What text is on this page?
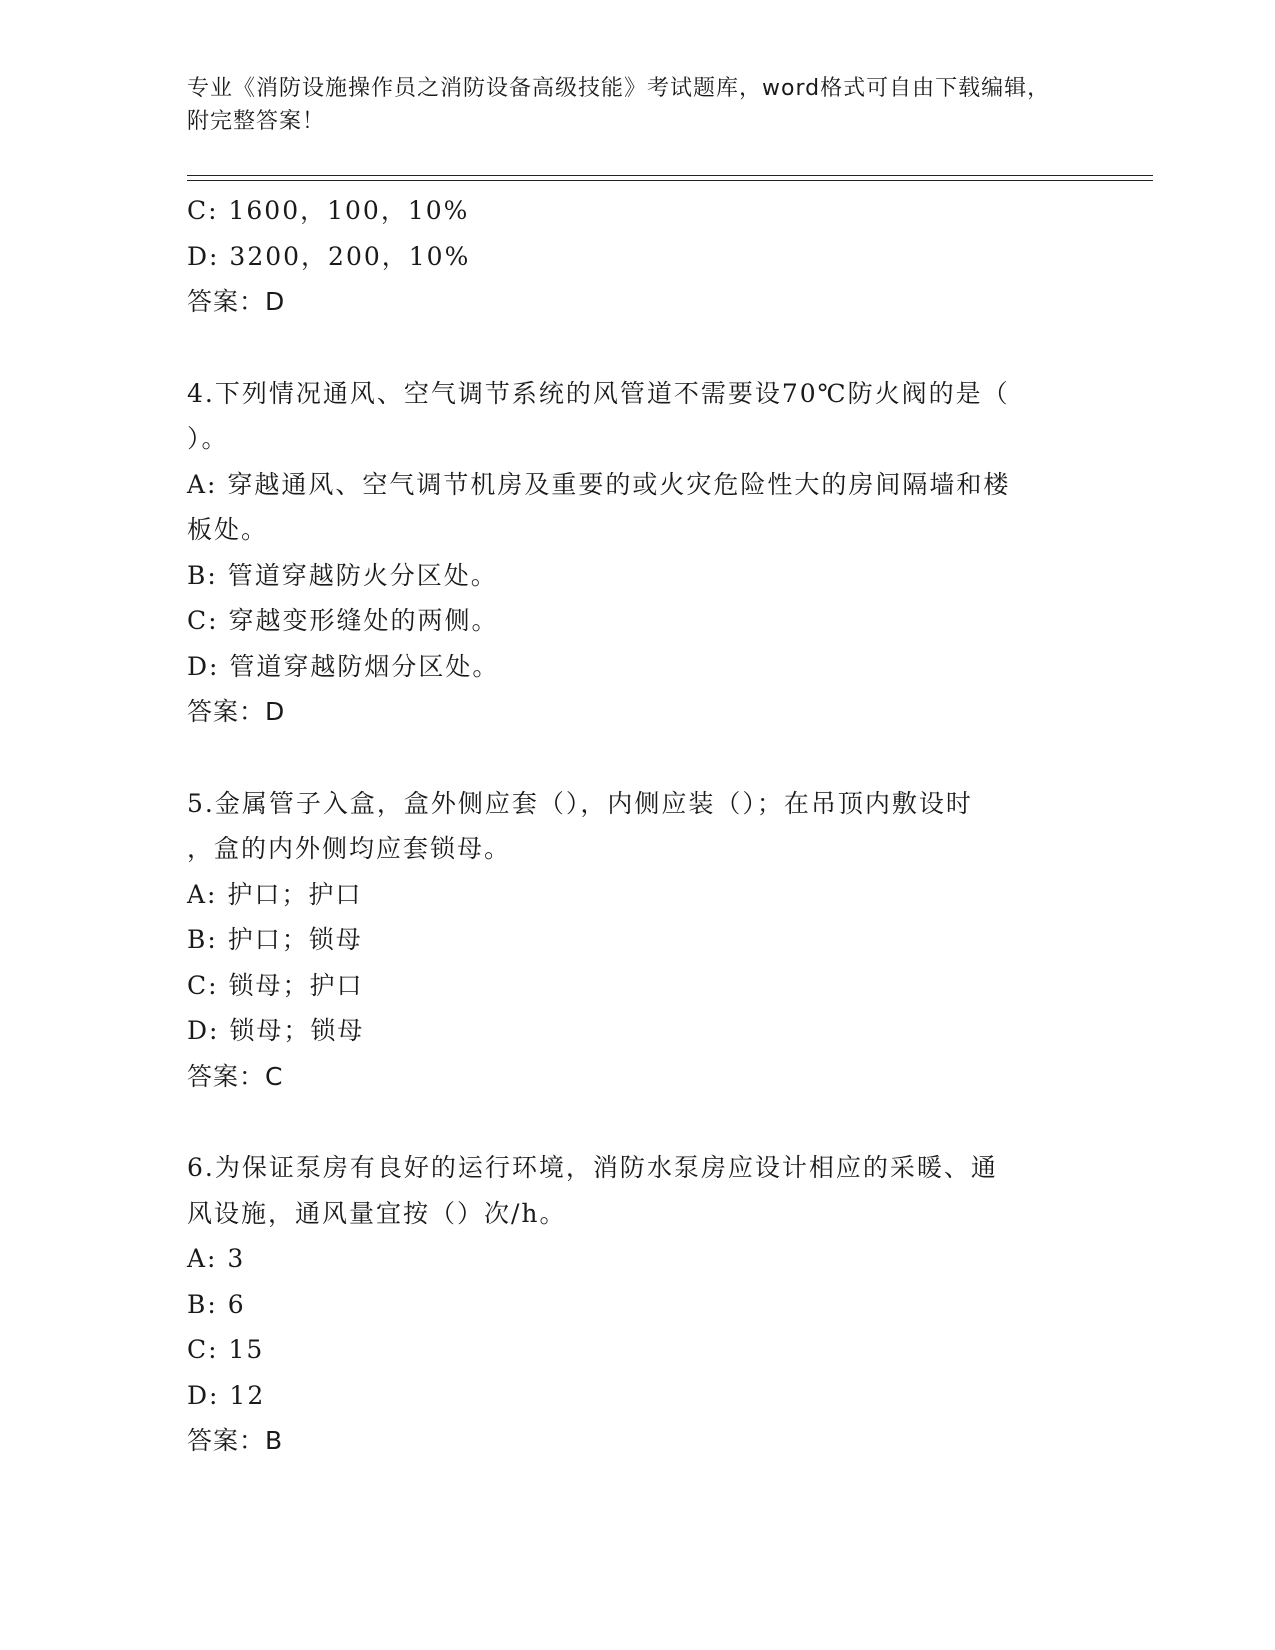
专业《消防设施操作员之消防设备高级技能》考试题库，word格式可自由下载编辑，附完整答案！
C: 1600，100，10%
D: 3200，200，10%
答案：D
4.下列情况通风、空气调节系统的风管道不需要设70℃防火阀的是（
）。
A: 穿越通风、空气调节机房及重要的或火灾危险性大的房间隔墙和楼
板处。
B: 管道穿越防火分区处。
C: 穿越变形缝处的两侧。
D: 管道穿越防烟分区处。
答案：D
5.金属管子入盒，盒外侧应套（），内侧应装（）；在吊顶内敷设时
，盒的内外侧均应套锁母。
A: 护口；护口
B: 护口；锁母
C: 锁母；护口
D: 锁母；锁母
答案：C
6.为保证泵房有良好的运行环境，消防水泵房应设计相应的采暖、通
风设施，通风量宜按（）次/h。
A: 3
B: 6
C: 15
D: 12
答案：B
